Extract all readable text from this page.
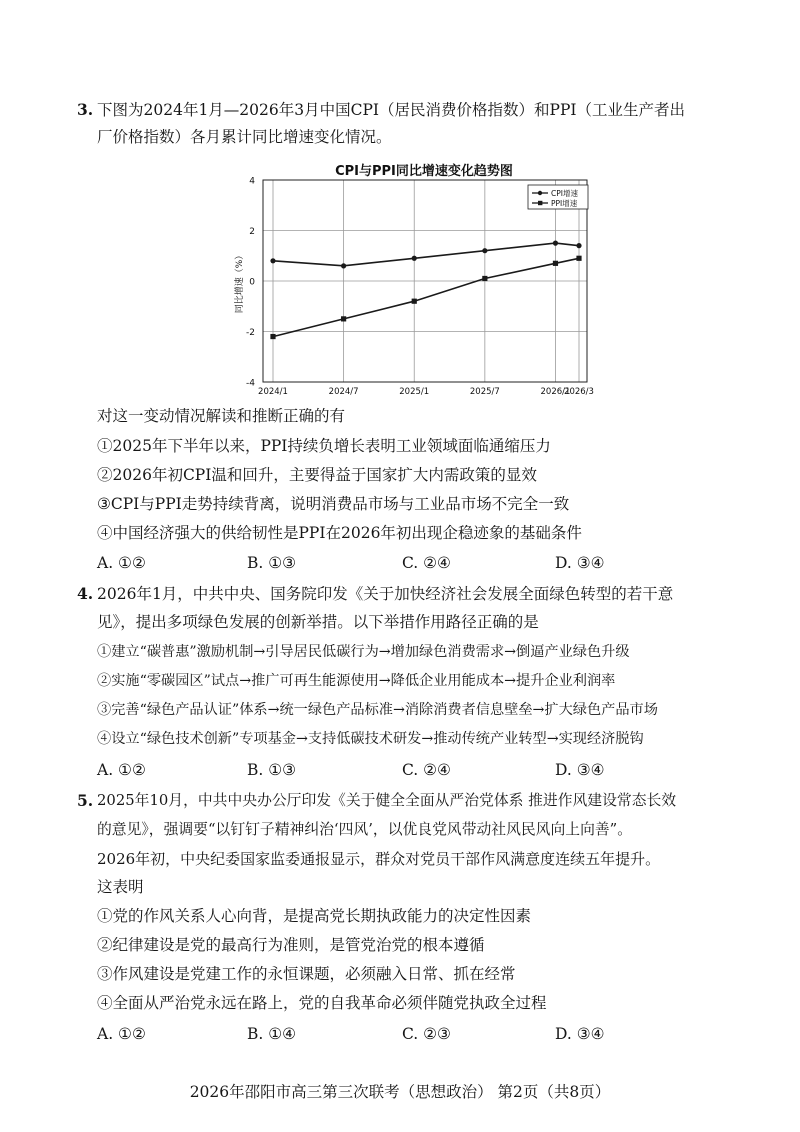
3. 下图为2024年1月—2026年3月中国CPI（居民消费价格指数）和PPI（工业生产者出
厂价格指数）各月累计同比增速变化情况。
CPI与PPI同比增速变化趋势图
4
2
0
-2
-4
2024/1	2024/7	2025/1	2025/7	2026/1
2026/3
同比增速（%）
CPI增速
PPI增速
对这一变动情况解读和推断正确的有
①2025年下半年以来，PPI持续负增长表明工业领域面临通缩压力
②2026年初CPI温和回升，主要得益于国家扩大内需政策的显效
③CPI与PPI走势持续背离，说明消费品市场与工业品市场不完全一致
④中国经济强大的供给韧性是PPI在2026年初出现企稳迹象的基础条件
A. ①②	B. ①③	C. ②④	D. ③④
4. 2026年1月，中共中央、国务院印发《关于加快经济社会发展全面绿色转型的若干意
见》，提出多项绿色发展的创新举措。以下举措作用路径正确的是
①建立“碳普惠”激励机制→引导居民低碳行为→增加绿色消费需求→倒逼产业绿色升级
②实施“零碳园区”试点→推广可再生能源使用→降低企业用能成本→提升企业利润率
③完善“绿色产品认证”体系→统一绿色产品标准→消除消费者信息壁垒→扩大绿色产品市场
④设立“绿色技术创新”专项基金→支持低碳技术研发→推动传统产业转型→实现经济脱钩
A. ①②	B. ①③	C. ②④	D. ③④
5. 2025年10月，中共中央办公厅印发《关于健全全面从严治党体系 推进作风建设常态长效
的意见》，强调要“以钉钉子精神纠治‘四风’，以优良党风带动社风民风向上向善”。
2026年初，中央纪委国家监委通报显示，群众对党员干部作风满意度连续五年提升。
这表明
①党的作风关系人心向背，是提高党长期执政能力的决定性因素
②纪律建设是党的最高行为准则，是管党治党的根本遵循
③作风建设是党建工作的永恒课题，必须融入日常、抓在经常
④全面从严治党永远在路上，党的自我革命必须伴随党执政全过程
A. ①②	B. ①④	C. ②③	D. ③④
2026年邵阳市高三第三次联考（思想政治） 第2页（共8页）
